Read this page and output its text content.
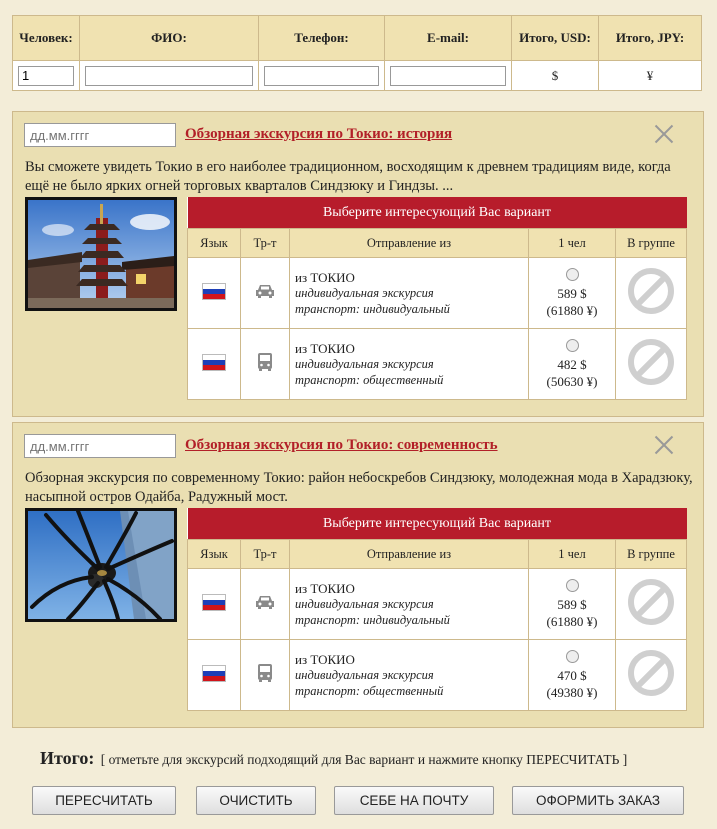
Человек:	ФИО:	Телефон:	E-mail:	Итого, USD:	Итого, JPY:
1				$	¥
дд.мм.гггг
Обзорная экскурсия по Токио: история
Вы сможете увидеть Токио в его наиболее традиционном, восходящим к древнем традициям виде, когда ещё не было ярких огней торговых кварталов Синдзюку и Гиндзы. ...
Выберите интересующий Вас вариант				
Язык	Тр-т	Отправление из	1 чел	В группе

из ТОКИО
индивидуальная экскурсия
транспорт: индивидуальный	589 $
(61880 ¥)	

из ТОКИО
индивидуальная экскурсия
транспорт: общественный	482 $
(50630 ¥)	
дд.мм.гггг
Обзорная экскурсия по Токио: современность
Обзорная экскурсия по современному Токио: район небоскребов Синдзюку, молодежная мода в Харадзюку, насыпной остров Одайба, Радужный мост.
Выберите интересующий Вас вариант				
Язык	Тр-т	Отправление из	1 чел	В группе

из ТОКИО
индивидуальная экскурсия
транспорт: индивидуальный	589 $
(61880 ¥)	

из ТОКИО
индивидуальная экскурсия
транспорт: общественный	470 $
(49380 ¥)	
Итого: [ отметьте для экскурсий подходящий для Вас вариант и нажмите кнопку ПЕРЕСЧИТАТЬ ]
ПЕРЕСЧИТАТЬ	ОЧИСТИТЬ	СЕБЕ НА ПОЧТУ	ОФОРМИТЬ ЗАКАЗ
